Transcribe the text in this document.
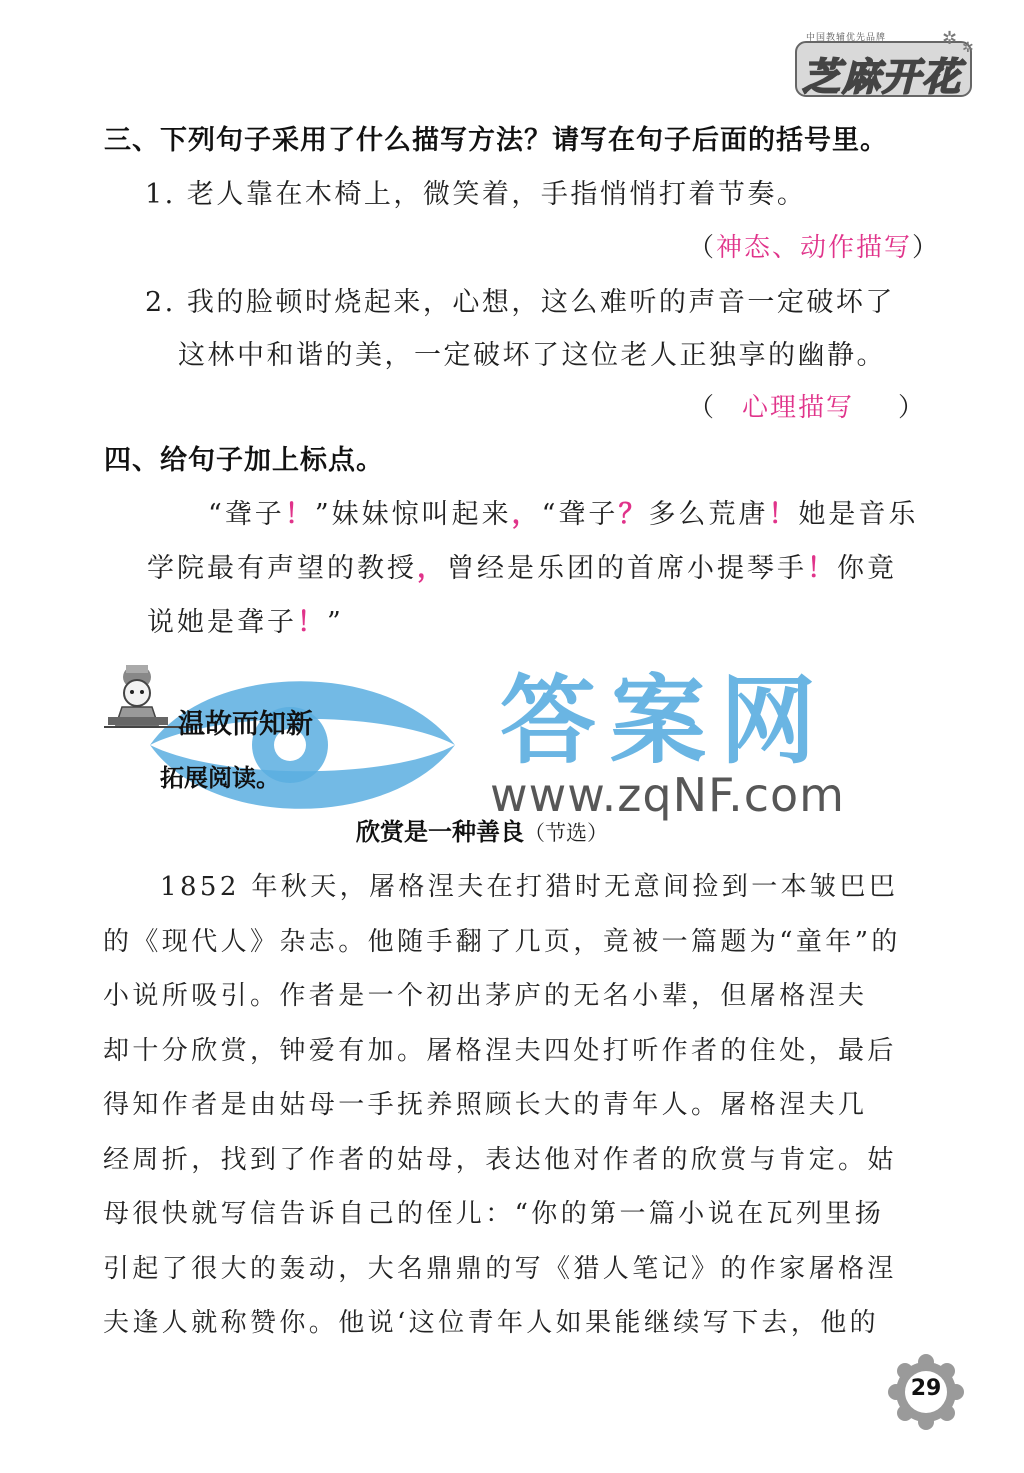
✲ ✲
中国教辅优先品牌
芝麻开花
三、下列句子采用了什么描写方法？请写在句子后面的括号里。
1. 老人靠在木椅上，微笑着，手指悄悄打着节奏。
（神态、动作描写）
2. 我的脸顿时烧起来，心想，这么难听的声音一定破坏了
这林中和谐的美，一定破坏了这位老人正独享的幽静。
（ 心理描写 ）
四、给句子加上标点。
“聋子！”妹妹惊叫起来，“聋子？多么荒唐！她是音乐
学院最有声望的教授，曾经是乐团的首席小提琴手！你竟
说她是聋子！”
答案网
www.zqNF.com
温故而知新
拓展阅读。
欣赏是一种善良（节选）
1852 年秋天，屠格涅夫在打猎时无意间捡到一本皱巴巴
的《现代人》杂志。他随手翻了几页，竟被一篇题为“童年”的
小说所吸引。作者是一个初出茅庐的无名小辈，但屠格涅夫
却十分欣赏，钟爱有加。屠格涅夫四处打听作者的住处，最后
得知作者是由姑母一手抚养照顾长大的青年人。屠格涅夫几
经周折，找到了作者的姑母，表达他对作者的欣赏与肯定。姑
母很快就写信告诉自己的侄儿：“你的第一篇小说在瓦列里扬
引起了很大的轰动，大名鼎鼎的写《猎人笔记》的作家屠格涅
夫逢人就称赞你。他说‘这位青年人如果能继续写下去，他的
29
